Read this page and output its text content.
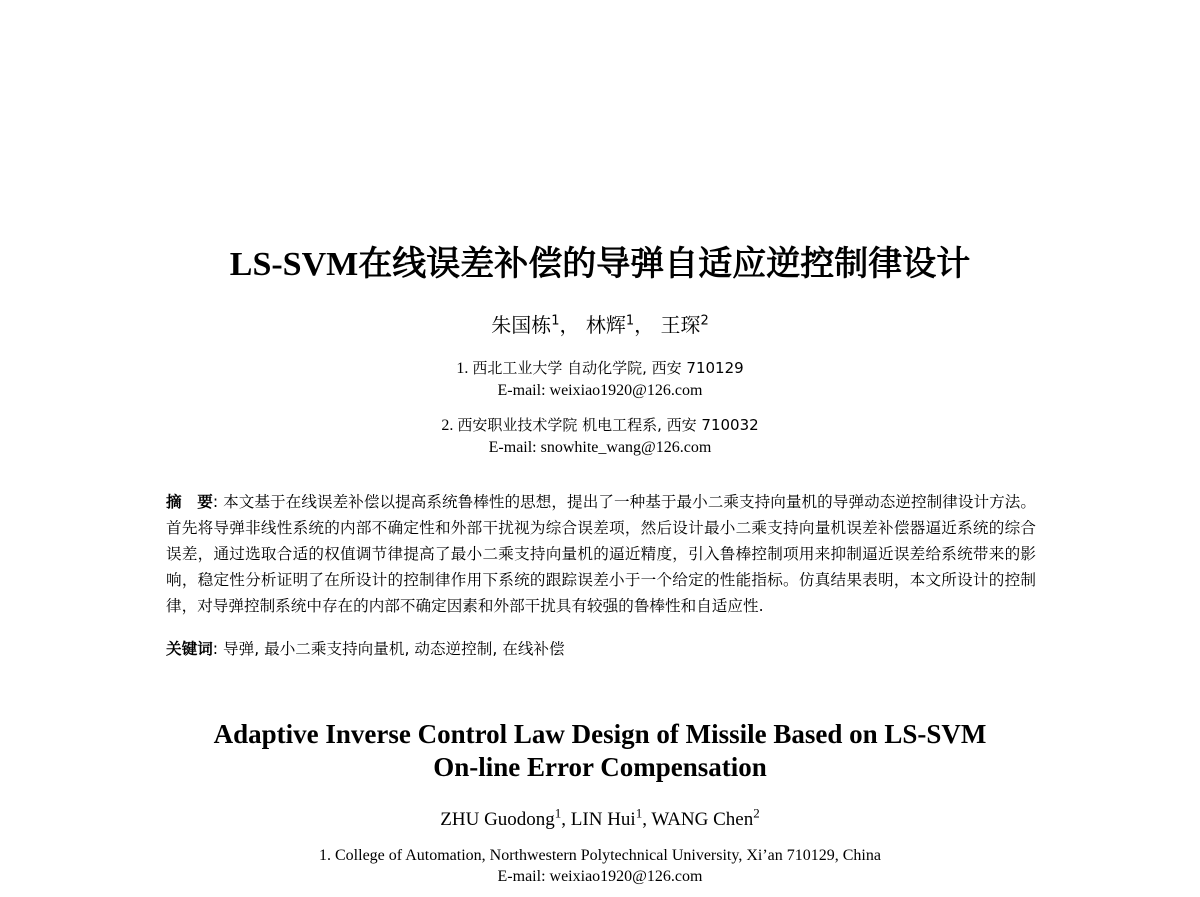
LS-SVM在线误差补偿的导弹自适应逆控制律设计
朱国栋$^1$， 林辉$^1$， 王琛$^2$
1. 西北工业大学 自动化学院, 西安 710129
E-mail: weixiao1920@126.com
2. 西安职业技术学院 机电工程系, 西安 710032
E-mail: snowhite_wang@126.com
摘　要: 本文基于在线误差补偿以提高系统鲁棒性的思想，提出了一种基于最小二乘支持向量机的导弹动态逆控制律设计方法。首先将导弹非线性系统的内部不确定性和外部干扰视为综合误差项，然后设计最小二乘支持向量机误差补偿器逼近系统的综合误差，通过选取合适的权值调节律提高了最小二乘支持向量机的逼近精度，引入鲁棒控制项用来抑制逼近误差给系统带来的影响，稳定性分析证明了在所设计的控制律作用下系统的跟踪误差小于一个给定的性能指标。仿真结果表明，本文所设计的控制律，对导弹控制系统中存在的内部不确定因素和外部干扰具有较强的鲁棒性和自适应性.
关键词: 导弹, 最小二乘支持向量机, 动态逆控制, 在线补偿
Adaptive Inverse Control Law Design of Missile Based on LS-SVM
On-line Error Compensation
ZHU Guodong$^1$, LIN Hui$^1$, WANG Chen$^2$
1. College of Automation, Northwestern Polytechnical University, Xi’an 710129, China
E-mail: weixiao1920@126.com
